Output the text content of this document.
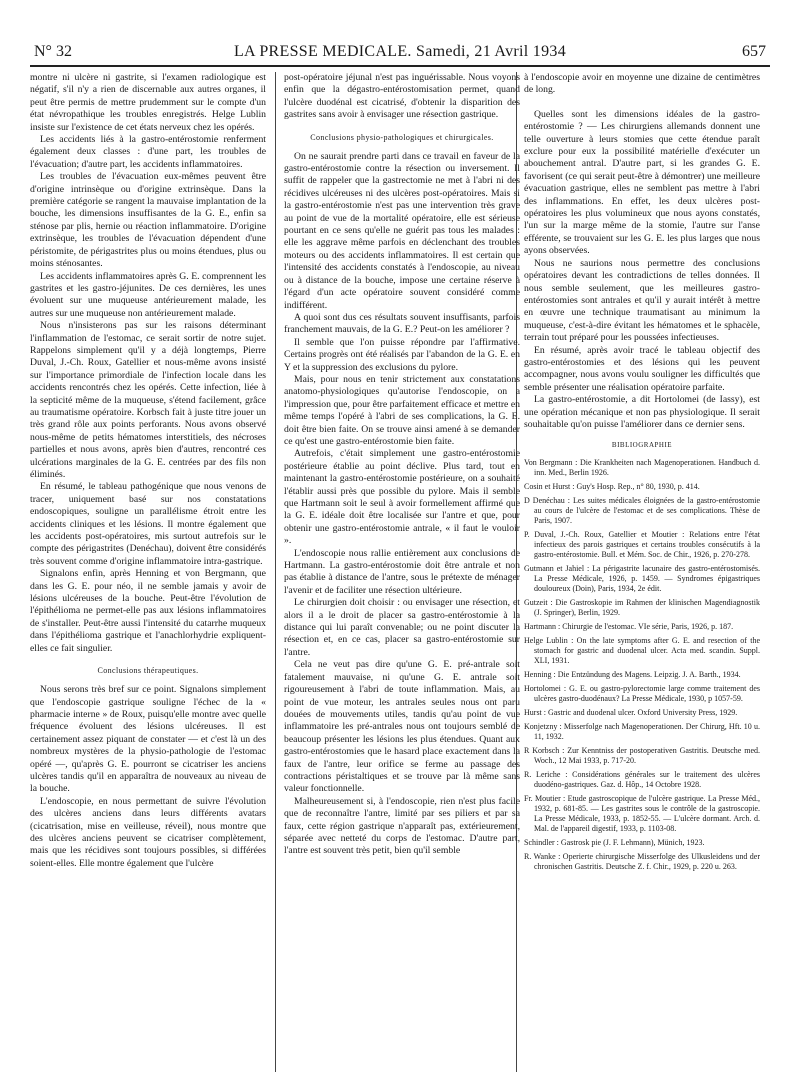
N° 32	LA PRESSE MEDICALE. Samedi, 21 Avril 1934	657

montre ni ulcère ni gastrite, si l'examen radiologique est négatif, s'il n'y a rien de discernable aux autres organes, il peut être permis de mettre prudemment sur le compte d'un état névropathique les troubles enregistrés. Helge Lublin insiste sur l'existence de cet états nerveux chez les opérés.

Les accidents liés à la gastro-entérostomie renferment également deux classes : d'une part, les troubles de l'évacuation; d'autre part, les accidents inflammatoires.

Les troubles de l'évacuation eux-mêmes peuvent être d'origine intrinsèque ou d'origine extrinsèque. Dans la première catégorie se rangent la mauvaise implantation de la bouche, les dimensions insuffisantes de la G. E., enfin sa sténose par plis, hernie ou réaction inflammatoire. D'origine extrinsèque, les troubles de l'évacuation dépendent d'une péristomite, de périgastrites plus ou moins étendues, plus ou moins sténosantes.

Les accidents inflammatoires après G. E. comprennent les gastrites et les gastro-jéjunites. De ces dernières, les unes évoluent sur une muqueuse antérieurement malade, les autres sur une muqueuse non antérieurement malade.

Nous n'insisterons pas sur les raisons déterminant l'inflammation de l'estomac, ce serait sortir de notre sujet. Rappelons simplement qu'il y a déjà longtemps, Pierre Duval, J.-Ch. Roux, Gatellier et nous-même avons insisté sur l'importance primordiale de l'infection locale dans les accidents rencontrés chez les opérés. Cette infection, liée à la septicité même de la muqueuse, s'étend facilement, grâce au traumatisme opératoire. Korbsch fait à juste titre jouer un très grand rôle aux points perforants. Nous avons observé nous-même de petits hématomes interstitiels, des nécroses partielles et nous avons, après bien d'autres, rencontré ces ulcérations marginales de la G. E. centrées par des fils non éliminés.

En résumé, le tableau pathogénique que nous venons de tracer, uniquement basé sur nos constatations endoscopiques, souligne un parallélisme étroit entre les accidents cliniques et les lésions. Il montre également que les accidents post-opératoires, mis surtout autrefois sur le compte des périgastrites (Denéchau), doivent être considérés très souvent comme d'origine inflammatoire intra-gastrique.

Signalons enfin, après Henning et von Bergmann, que dans les G. E. pour néo, il ne semble jamais y avoir de lésions ulcéreuses de la bouche. Peut-être l'évolution de l'épithélioma ne permet-elle pas aux lésions inflammatoires de s'installer. Peut-être aussi l'intensité du catarrhe muqueux dans l'épithélioma gastrique et l'anachlorhydrie expliquent-elles ce fait singulier.

Conclusions thérapeutiques.

Nous serons très bref sur ce point. Signalons simplement que l'endoscopie gastrique souligne l'échec de la « pharmacie interne » de Roux, puisqu'elle montre avec quelle fréquence évoluent des lésions ulcéreuses. Il est certainement assez piquant de constater — et c'est là un des nombreux mystères de la physio-pathologie de l'estomac opéré —, qu'après G. E. pourront se cicatriser les anciens ulcères tandis qu'il en apparaîtra de nouveaux au niveau de la bouche.

L'endoscopie, en nous permettant de suivre l'évolution des ulcères anciens dans leurs différents avatars (cicatrisation, mise en veilleuse, réveil), nous montre que des ulcères anciens peuvent se cicatriser complètement, mais que les récidives sont toujours possibles, si différées soient-elles. Elle montre également que l'ulcère

post-opératoire jéjunal n'est pas inguérissable. Nous voyons enfin que la dégastro-entérostomisation permet, quand l'ulcère duodénal est cicatrisé, d'obtenir la disparition des gastrites sans avoir à envisager une résection gastrique.

Conclusions physio-pathologiques et chirurgicales.

On ne saurait prendre parti dans ce travail en faveur de la gastro-entérostomie contre la résection ou inversement. Il suffit de rappeler que la gastrectomie ne met à l'abri ni des récidives ulcéreuses ni des ulcères post-opératoires. Mais si la gastro-entérostomie n'est pas une intervention très grave au point de vue de la mortalité opératoire, elle est sérieuse pourtant en ce sens qu'elle ne guérit pas tous les malades : elle les aggrave même parfois en déclenchant des troubles moteurs ou des accidents inflammatoires. Il est certain que l'intensité des accidents constatés à l'endoscopie, au niveau ou à distance de la bouche, impose une certaine réserve à l'égard d'un acte opératoire souvent considéré comme indifférent.

A quoi sont dus ces résultats souvent insuffisants, parfois franchement mauvais, de la G. E.? Peut-on les améliorer ?

Il semble que l'on puisse répondre par l'affirmative. Certains progrès ont été réalisés par l'abandon de la G. E. en Y et la suppression des exclusions du pylore.

Mais, pour nous en tenir strictement aux constatations anatomo-physiologiques qu'autorise l'endoscopie, on a l'impression que, pour être parfaitement efficace et mettre en même temps l'opéré à l'abri de ses complications, la G. E. doit être bien faite. On se trouve ainsi amené à se demander ce qu'est une gastro-entérostomie bien faite.

Autrefois, c'était simplement une gastro-entérostomie postérieure établie au point déclive. Plus tard, tout en maintenant la gastro-entérostomie postérieure, on a souhaité l'établir aussi près que possible du pylore. Mais il semble que Hartmann soit le seul à avoir formellement affirmé que la G. E. idéale doit être localisée sur l'antre et que, pour obtenir une gastro-entérostomie antrale, « il faut le vouloir ».

L'endoscopie nous rallie entièrement aux conclusions de Hartmann. La gastro-entérostomie doit être antrale et non pas établie à distance de l'antre, sous le prétexte de ménager l'avenir et de faciliter une résection ultérieure.

Le chirurgien doit choisir : ou envisager une résection, et alors il a le droit de placer sa gastro-entérostomie à la distance qui lui paraît convenable; ou ne point discuter la résection et, en ce cas, placer sa gastro-entérostomie sur l'antre.

Cela ne veut pas dire qu'une G. E. pré-antrale soit fatalement mauvaise, ni qu'une G. E. antrale soit rigoureusement à l'abri de toute inflammation. Mais, au point de vue moteur, les antrales seules nous ont paru douées de mouvements utiles, tandis qu'au point de vue inflammatoire les pré-antrales nous ont toujours semblé de beaucoup présenter les lésions les plus étendues. Quant aux gastro-entérostomies que le hasard place exactement dans la faux de l'antre, leur orifice se ferme au passage des contractions péristaltiques et se trouve par là même sans valeur fonctionnelle.

Malheureusement si, à l'endoscopie, rien n'est plus facile que de reconnaître l'antre, limité par ses piliers et par sa faux, cette région gastrique n'apparaît pas, extérieurement, séparée avec netteté du corps de l'estomac. D'autre part, l'antre est souvent très petit, bien qu'il semble

à l'endoscopie avoir en moyenne une dizaine de centimètres de long.

Quelles sont les dimensions idéales de la gastro-entérostomie ? — Les chirurgiens allemands donnent une telle ouverture à leurs stomies que cette étendue paraît exclure pour eux la possibilité matérielle d'exécuter un abouchement antral. D'autre part, si les grandes G. E. favorisent (ce qui serait peut-être à démontrer) une meilleure évacuation gastrique, elles ne semblent pas mettre à l'abri des inflammations. En effet, les deux ulcères post-opératoires les plus volumineux que nous ayons constatés, l'un sur la marge même de la stomie, l'autre sur l'anse efférente, se trouvaient sur les G. E. les plus larges que nous ayons observées.

Nous ne saurions nous permettre des conclusions opératoires devant les contradictions de telles données. Il nous semble seulement, que les meilleures gastro-entérostomies sont antrales et qu'il y aurait intérêt à mettre en œuvre une technique traumatisant au minimum la muqueuse, c'est-à-dire évitant les hématomes et le sphacèle, terrain tout préparé pour les poussées infectieuses.

En résumé, après avoir tracé le tableau objectif des gastro-entérostomies et des lésions qui les peuvent accompagner, nous avons voulu souligner les difficultés que semble présenter une réalisation opératoire parfaite.

La gastro-entérostomie, a dit Hortolomei (de Iassy), est une opération mécanique et non pas physiologique. Il serait souhaitable qu'on puisse l'améliorer dans ce dernier sens.

BIBLIOGRAPHIE

Von Bergmann : Die Krankheiten nach Magenoperationen. Handbuch d. inn. Med., Berlin 1926.

Cosin et Hurst : Guy's Hosp. Rep., n° 80, 1930, p. 414.

D Denéchau : Les suites médicales éloignées de la gastro-entérostomie au cours de l'ulcère de l'estomac et de ses complications. Thèse de Paris, 1907.

P. Duval, J.-Ch. Roux, Gatellier et Moutier : Relations entre l'état infectieux des parois gastriques et certains troubles consécutifs à la gastro-entérostomie. Bull. et Mém. Soc. de Chir., 1926, p. 270-278.

Gutmann et Jahiel : La périgastrite lacunaire des gastro-entérostomisés. La Presse Médicale, 1926, p. 1459. — Syndromes épigastriques douloureux (Doin), Paris, 1934, 2e édit.

Gutzeit : Die Gastroskopie im Rahmen der klinischen Magendiagnostik (J. Springer), Berlin, 1929.

Hartmann : Chirurgie de l'estomac. VIe série, Paris, 1926, p. 187.

Helge Lublin : On the late symptoms after G. E. and resection of the stomach for gastric and duodenal ulcer. Acta med. scandin. Suppl. XLI, 1931.

Henning : Die Entzündung des Magens. Leipzig. J. A. Barth., 1934.

Hortolomei : G. E. ou gastro-pylorectomie large comme traitement des ulcères gastro-duodénaux? La Presse Médicale, 1930, p 1057-59.

Hurst : Gastric and duodenal ulcer. Oxford University Press, 1929.

Konjetzny : Misserfolge nach Magenoperationen. Der Chirurg, Hft. 10 u. 11, 1932.

R Korbsch : Zur Kenntniss der postoperativen Gastritis. Deutsche med. Woch., 12 Mai 1933, p. 717-20.

R. Leriche : Considérations générales sur le traitement des ulcères duodéno-gastriques. Gaz. d. Hôp., 14 Octobre 1928.

Fr. Moutier : Etude gastroscopique de l'ulcère gastrique. La Presse Méd., 1932, p. 681-85. — Les gastrites sous le contrôle de la gastroscopie. La Presse Médicale, 1933, p. 1852-55. — L'ulcère dormant. Arch. d. Mal. de l'appareil digestif, 1933, p. 1103-08.

Schindler : Gastrosk pie (J. F. Lehmann), Münich, 1923.

R. Wanke : Operierte chirurgische Misserfolge des Ulkusleidens und der chronischen Gastritis. Deutsche Z. f. Chir., 1929, p. 220 u. 263.
